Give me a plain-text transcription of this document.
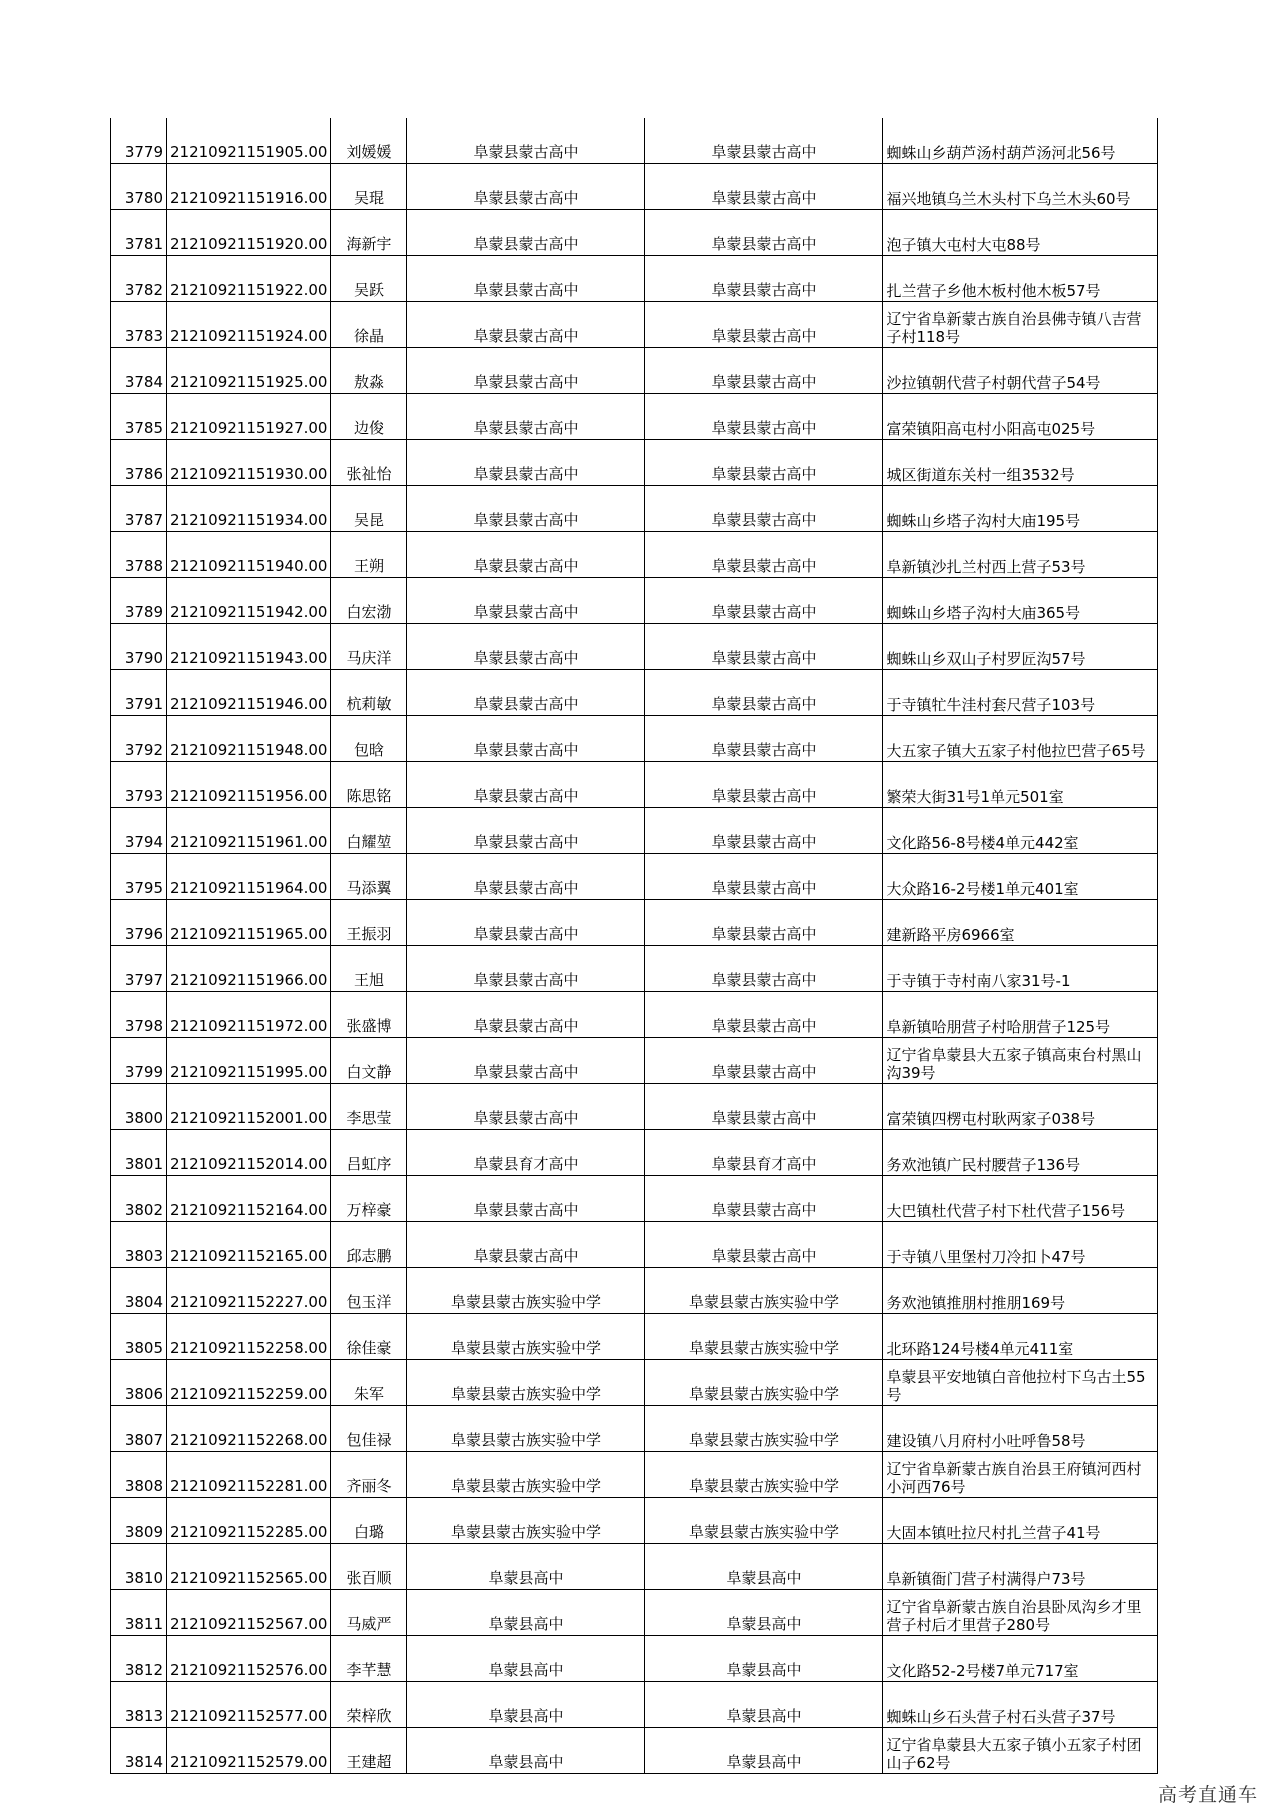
3779	21210921151905.00	刘媛媛	阜蒙县蒙古高中	阜蒙县蒙古高中	蜘蛛山乡葫芦汤村葫芦汤河北56号
3780	21210921151916.00	吴琨	阜蒙县蒙古高中	阜蒙县蒙古高中	福兴地镇乌兰木头村下乌兰木头60号
3781	21210921151920.00	海新宇	阜蒙县蒙古高中	阜蒙县蒙古高中	泡子镇大屯村大屯88号
3782	21210921151922.00	吴跃	阜蒙县蒙古高中	阜蒙县蒙古高中	扎兰营子乡他木板村他木板57号
3783	21210921151924.00	徐晶	阜蒙县蒙古高中	阜蒙县蒙古高中	辽宁省阜新蒙古族自治县佛寺镇八吉营子村118号
3784	21210921151925.00	敖淼	阜蒙县蒙古高中	阜蒙县蒙古高中	沙拉镇朝代营子村朝代营子54号
3785	21210921151927.00	边俊	阜蒙县蒙古高中	阜蒙县蒙古高中	富荣镇阳高屯村小阳高屯025号
3786	21210921151930.00	张祉怡	阜蒙县蒙古高中	阜蒙县蒙古高中	城区街道东关村一组3532号
3787	21210921151934.00	吴昆	阜蒙县蒙古高中	阜蒙县蒙古高中	蜘蛛山乡塔子沟村大庙195号
3788	21210921151940.00	王朔	阜蒙县蒙古高中	阜蒙县蒙古高中	阜新镇沙扎兰村西上营子53号
3789	21210921151942.00	白宏渤	阜蒙县蒙古高中	阜蒙县蒙古高中	蜘蛛山乡塔子沟村大庙365号
3790	21210921151943.00	马庆洋	阜蒙县蒙古高中	阜蒙县蒙古高中	蜘蛛山乡双山子村罗匠沟57号
3791	21210921151946.00	杭莉敏	阜蒙县蒙古高中	阜蒙县蒙古高中	于寺镇牤牛洼村套尺营子103号
3792	21210921151948.00	包晗	阜蒙县蒙古高中	阜蒙县蒙古高中	大五家子镇大五家子村他拉巴营子65号
3793	21210921151956.00	陈思铭	阜蒙县蒙古高中	阜蒙县蒙古高中	繁荣大街31号1单元501室
3794	21210921151961.00	白耀堃	阜蒙县蒙古高中	阜蒙县蒙古高中	文化路56-8号楼4单元442室
3795	21210921151964.00	马添翼	阜蒙县蒙古高中	阜蒙县蒙古高中	大众路16-2号楼1单元401室
3796	21210921151965.00	王振羽	阜蒙县蒙古高中	阜蒙县蒙古高中	建新路平房6966室
3797	21210921151966.00	王旭	阜蒙县蒙古高中	阜蒙县蒙古高中	于寺镇于寺村南八家31号-1
3798	21210921151972.00	张盛博	阜蒙县蒙古高中	阜蒙县蒙古高中	阜新镇哈朋营子村哈朋营子125号
3799	21210921151995.00	白文静	阜蒙县蒙古高中	阜蒙县蒙古高中	辽宁省阜蒙县大五家子镇高束台村黑山沟39号
3800	21210921152001.00	李思莹	阜蒙县蒙古高中	阜蒙县蒙古高中	富荣镇四楞屯村耿两家子038号
3801	21210921152014.00	吕虹序	阜蒙县育才高中	阜蒙县育才高中	务欢池镇广民村腰营子136号
3802	21210921152164.00	万梓豪	阜蒙县蒙古高中	阜蒙县蒙古高中	大巴镇杜代营子村下杜代营子156号
3803	21210921152165.00	邱志鹏	阜蒙县蒙古高中	阜蒙县蒙古高中	于寺镇八里堡村刀冷扣卜47号
3804	21210921152227.00	包玉洋	阜蒙县蒙古族实验中学	阜蒙县蒙古族实验中学	务欢池镇推朋村推朋169号
3805	21210921152258.00	徐佳豪	阜蒙县蒙古族实验中学	阜蒙县蒙古族实验中学	北环路124号楼4单元411室
3806	21210921152259.00	朱军	阜蒙县蒙古族实验中学	阜蒙县蒙古族实验中学	阜蒙县平安地镇白音他拉村下乌古土55号
3807	21210921152268.00	包佳禄	阜蒙县蒙古族实验中学	阜蒙县蒙古族实验中学	建设镇八月府村小吐呼鲁58号
3808	21210921152281.00	齐丽冬	阜蒙县蒙古族实验中学	阜蒙县蒙古族实验中学	辽宁省阜新蒙古族自治县王府镇河西村小河西76号
3809	21210921152285.00	白璐	阜蒙县蒙古族实验中学	阜蒙县蒙古族实验中学	大固本镇吐拉尺村扎兰营子41号
3810	21210921152565.00	张百顺	阜蒙县高中	阜蒙县高中	阜新镇衙门营子村满得户73号
3811	21210921152567.00	马威严	阜蒙县高中	阜蒙县高中	辽宁省阜新蒙古族自治县卧凤沟乡才里营子村后才里营子280号
3812	21210921152576.00	李芊慧	阜蒙县高中	阜蒙县高中	文化路52-2号楼7单元717室
3813	21210921152577.00	荣梓欣	阜蒙县高中	阜蒙县高中	蜘蛛山乡石头营子村石头营子37号
3814	21210921152579.00	王建超	阜蒙县高中	阜蒙县高中	辽宁省阜蒙县大五家子镇小五家子村团山子62号
高考直通车
